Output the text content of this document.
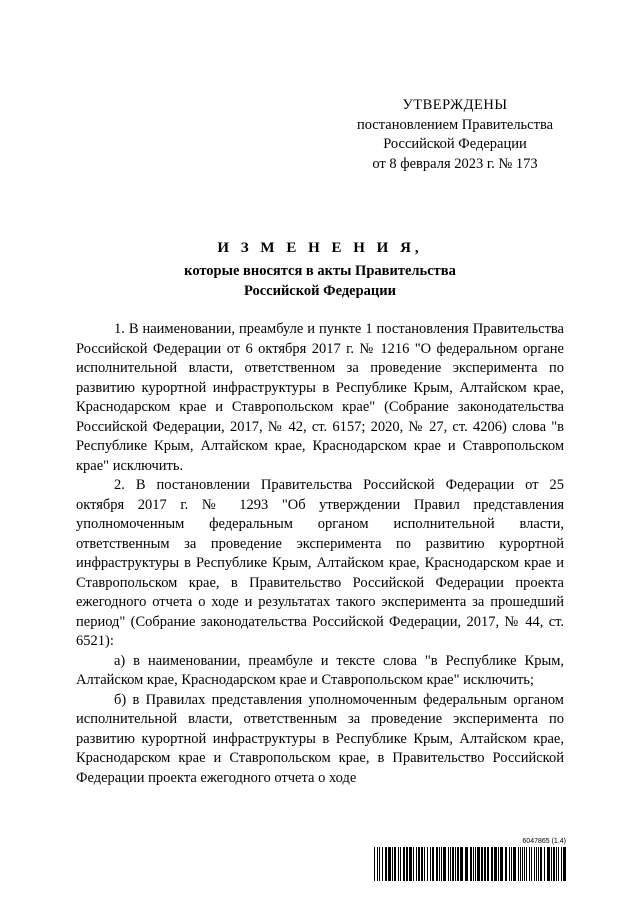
УТВЕРЖДЕНЫ
постановлением Правительства
Российской Федерации
от 8 февраля 2023 г. № 173
И З М Е Н Е Н И Я,
которые вносятся в акты Правительства
Российской Федерации

1. В наименовании, преамбуле и пункте 1 постановления Правительства Российской Федерации от 6 октября 2017 г. № 1216 "О федеральном органе исполнительной власти, ответственном за проведение эксперимента по развитию курортной инфраструктуры в Республике Крым, Алтайском крае, Краснодарском крае и Ставропольском крае" (Собрание законодательства Российской Федерации, 2017, № 42, ст. 6157; 2020, № 27, ст. 4206) слова "в Республике Крым, Алтайском крае, Краснодарском крае и Ставропольском крае" исключить.

2. В постановлении Правительства Российской Федерации от 25 октября 2017 г. № 1293 "Об утверждении Правил представления уполномоченным федеральным органом исполнительной власти, ответственным за проведение эксперимента по развитию курортной инфраструктуры в Республике Крым, Алтайском крае, Краснодарском крае и Ставропольском крае, в Правительство Российской Федерации проекта ежегодного отчета о ходе и результатах такого эксперимента за прошедший период" (Собрание законодательства Российской Федерации, 2017, № 44, ст. 6521):

а) в наименовании, преамбуле и тексте слова "в Республике Крым, Алтайском крае, Краснодарском крае и Ставропольском крае" исключить;

б) в Правилах представления уполномоченным федеральным органом исполнительной власти, ответственным за проведение эксперимента по развитию курортной инфраструктуры в Республике Крым, Алтайском крае, Краснодарском крае и Ставропольском крае, в Правительство Российской Федерации проекта ежегодного отчета о ходе

6047865 (1.4)
